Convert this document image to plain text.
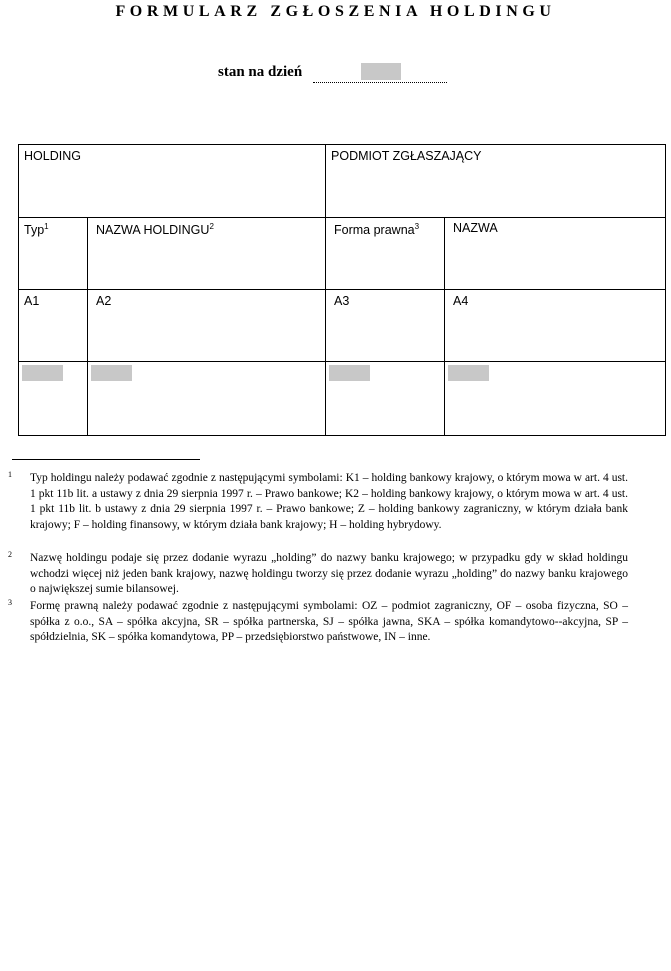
FORMULARZ ZGŁOSZENIA HOLDINGU
stan na dzień
HOLDING		PODMIOT ZGŁASZAJĄCY	

Typ$^1$	NAZWA HOLDINGU$^2$	Forma prawna$^3$	NAZWA

A1	A2	A3	A4

1 Typ holdingu należy podawać zgodnie z następującymi symbolami: K1 – holding bankowy krajowy, o którym mowa w art. 4 ust. 1 pkt 11b lit. a ustawy z dnia 29 sierpnia 1997 r. – Prawo bankowe; K2 – holding bankowy krajowy, o którym mowa w art. 4 ust. 1 pkt 11b lit. b ustawy z dnia 29 sierpnia 1997 r. – Prawo bankowe; Z – holding bankowy zagraniczny, w którym działa bank krajowy; F – holding finansowy, w którym działa bank krajowy; H – holding hybrydowy.
2 Nazwę holdingu podaje się przez dodanie wyrazu „holding” do nazwy banku krajowego; w przypadku gdy w skład holdingu wchodzi więcej niż jeden bank krajowy, nazwę holdingu tworzy się przez dodanie wyrazu „holding” do nazwy banku krajowego o największej sumie bilansowej.
3 Formę prawną należy podawać zgodnie z następującymi symbolami: OZ – podmiot zagraniczny, OF – osoba fizyczna, SO – spółka z o.o., SA – spółka akcyjna, SR – spółka partnerska, SJ – spółka jawna, SKA – spółka komandytowo--akcyjna, SP – spółdzielnia, SK – spółka komandytowa, PP – przedsiębiorstwo państwowe, IN – inne.
